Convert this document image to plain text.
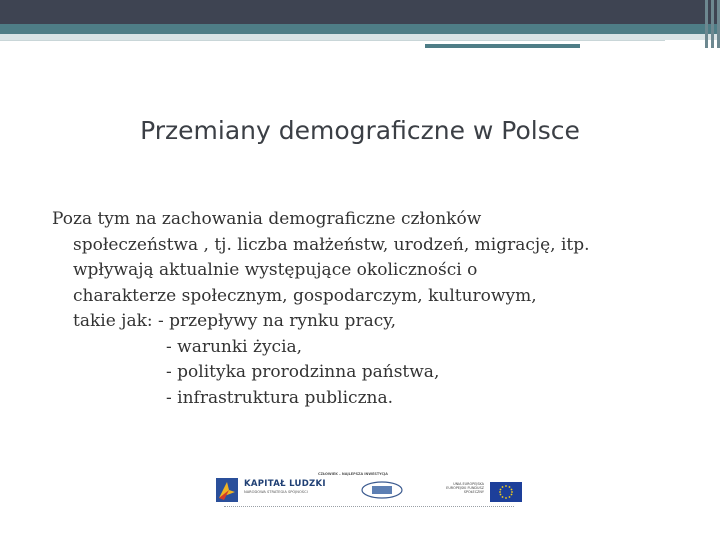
Przemiany demograficzne w Polsce
Poza tym na zachowania demograficzne członków
społeczeństwa , tj. liczba małżeństw, urodzeń, migrację, itp.
wpływają aktualnie występujące okoliczności o
charakterze społecznym, gospodarczym, kulturowym,
takie jak: - przepływy na rynku pracy,
- warunki życia,
- polityka prorodzinna państwa,
- infrastruktura publiczna.
KAPITAŁ LUDZKI
NARODOWA STRATEGIA SPÓJNOŚCI
CZŁOWIEK – NAJLEPSZA INWESTYCJA
UNIA EUROPEJSKA EUROPEJSKI FUNDUSZ SPOŁECZNY
